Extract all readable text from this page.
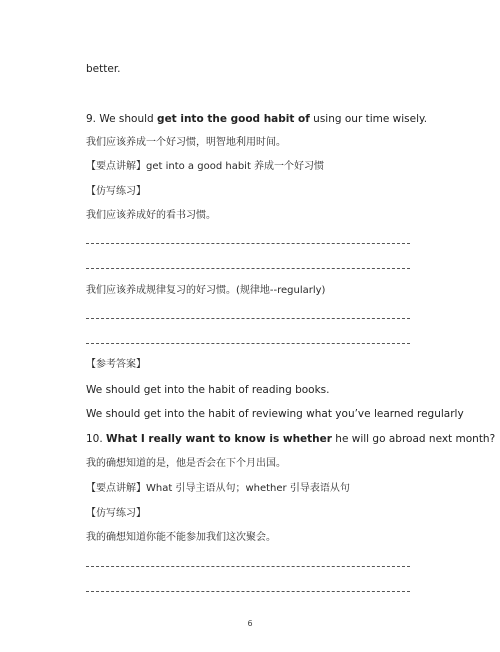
better.
9. We should get into the good habit of using our time wisely.
我们应该养成一个好习惯，明智地利用时间。
【要点讲解】get into a good habit 养成一个好习惯
【仿写练习】
我们应该养成好的看书习惯。
我们应该养成规律复习的好习惯。(规律地--regularly)
【参考答案】
We should get into the habit of reading books.
We should get into the habit of reviewing what you’ve learned regularly
10. What I really want to know is whether he will go abroad next month?
我的确想知道的是，他是否会在下个月出国。
【要点讲解】What 引导主语从句；whether 引导表语从句
【仿写练习】
我的确想知道你能不能参加我们这次聚会。
6
